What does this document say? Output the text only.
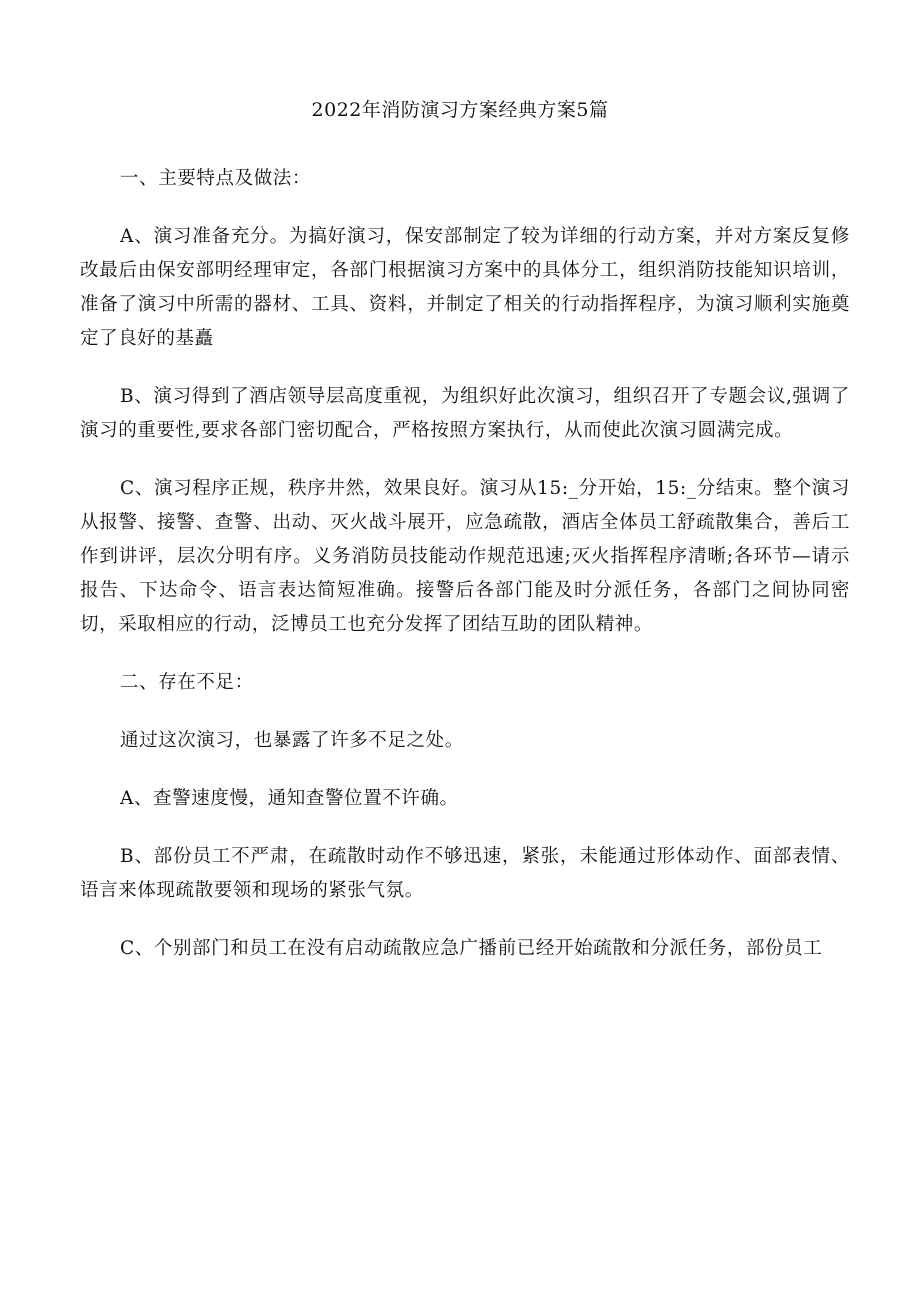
2022年消防演习方案经典方案5篇
一、主要特点及做法：

A、演习准备充分。为搞好演习，保安部制定了较为详细的行动方案，并对方案反复修改最后由保安部明经理审定，各部门根据演习方案中的具体分工，组织消防技能知识培训，准备了演习中所需的器材、工具、资料，并制定了相关的行动指挥程序，为演习顺利实施奠定了良好的基矗

B、演习得到了酒店领导层高度重视，为组织好此次演习，组织召开了专题会议,强调了演习的重要性,要求各部门密切配合，严格按照方案执行，从而使此次演习圆满完成。

C、演习程序正规，秩序井然，效果良好。演习从15:_分开始，15:_分结束。整个演习从报警、接警、查警、出动、灭火战斗展开，应急疏散，酒店全体员工舒疏散集合，善后工作到讲评，层次分明有序。义务消防员技能动作规范迅速;灭火指挥程序清晰;各环节—请示报告、下达命令、语言表达简短准确。接警后各部门能及时分派任务，各部门之间协同密切，采取相应的行动，泛博员工也充分发挥了团结互助的团队精神。

二、存在不足：

通过这次演习，也暴露了许多不足之处。

A、查警速度慢，通知查警位置不许确。

B、部份员工不严肃，在疏散时动作不够迅速，紧张，未能通过形体动作、面部表情、语言来体现疏散要领和现场的紧张气氛。

C、个别部门和员工在没有启动疏散应急广播前已经开始疏散和分派任务，部份员工
